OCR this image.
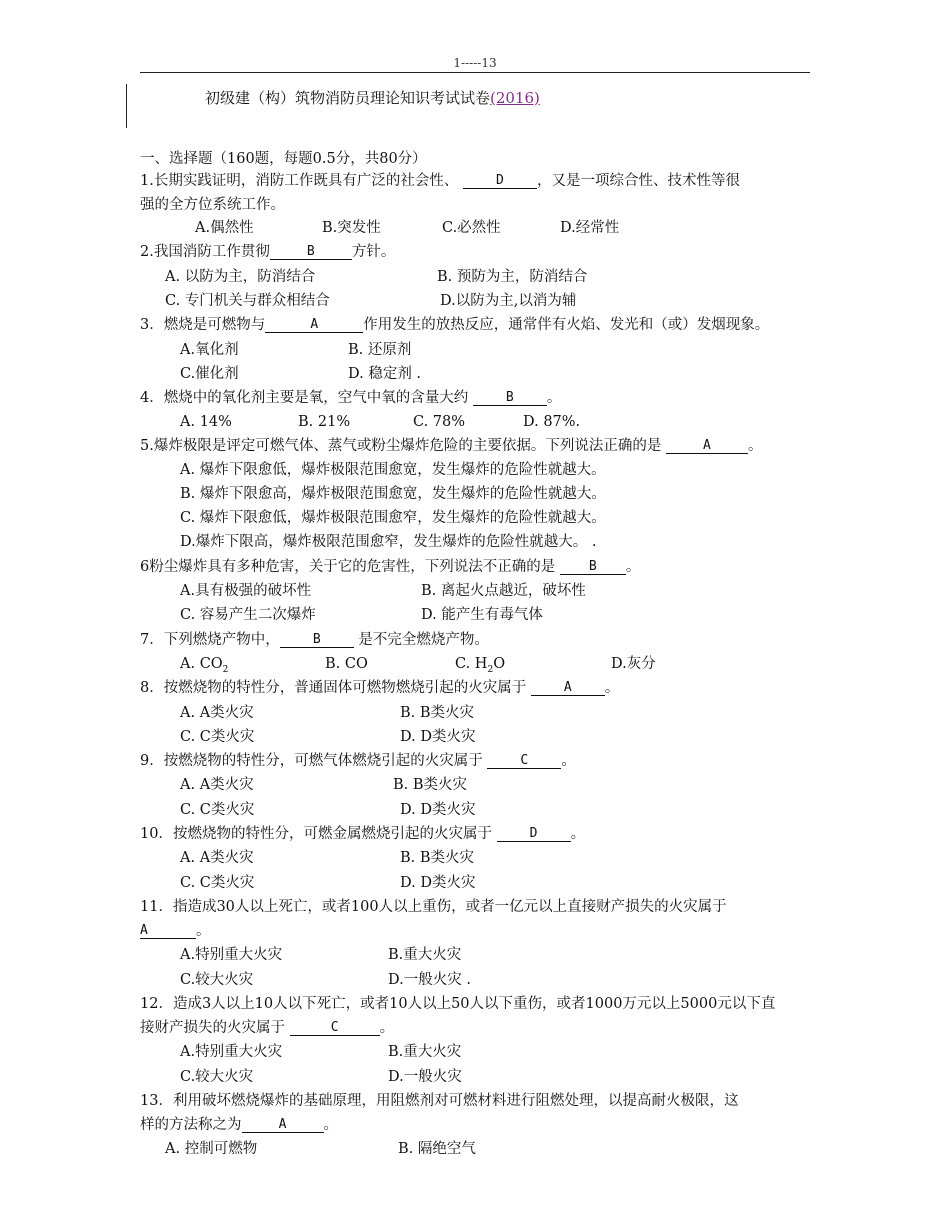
1-----13
初级建（构）筑物消防员理论知识考试试卷(2016)
一、选择题（160题，每题0.5分，共80分）
1.长期实践证明，消防工作既具有广泛的社会性、	D ，又是一项综合性、技术性等很
强的全方位系统工作。
A.偶然性	B.突发性	C.必然性	D.经常性
2.我国消防工作贯彻	B	方针。
A. 以防为主，防消结合	B. 预防为主，防消结合
C. 专门机关与群众相结合	D.以防为主,以消为辅
3．燃烧是可燃物与	A	作用发生的放热反应，通常伴有火焰、发光和（或）发烟现象。
A.氧化剂	B. 还原剂
C.催化剂	D. 稳定剂 .
4．燃烧中的氧化剂主要是氧，空气中氧的含量大约	B 。
A. 14%	B. 21%	C. 78%	D. 87%.
5.爆炸极限是评定可燃气体、蒸气或粉尘爆炸危险的主要依据。下列说法正确的是	A	。
A. 爆炸下限愈低，爆炸极限范围愈宽，发生爆炸的危险性就越大。
B. 爆炸下限愈高，爆炸极限范围愈宽，发生爆炸的危险性就越大。
C. 爆炸下限愈低，爆炸极限范围愈窄，发生爆炸的危险性就越大。
D.爆炸下限高，爆炸极限范围愈窄，发生爆炸的危险性就越大。 .
6粉尘爆炸具有多种危害，关于它的危害性，下列说法不正确的是	B 。
A.具有极强的破坏性	B. 离起火点越近，破坏性
C. 容易产生二次爆炸	D. 能产生有毒气体
7．下列燃烧产物中，	B	是不完全燃烧产物。
A. $CO_2$	B. CO	C. $H_2O$	D.灰分
8．按燃烧物的特性分，普通固体可燃物燃烧引起的火灾属于	A 。
A. A类火灾	B. B类火灾
C. C类火灾	D. D类火灾
9．按燃烧物的特性分，可燃气体燃烧引起的火灾属于	C 。
A. A类火灾	B. B类火灾
C. C类火灾	D. D类火灾
10．按燃烧物的特性分，可燃金属燃烧引起的火灾属于	D 。
A. A类火灾	B. B类火灾
C. C类火灾	D. D类火灾
11．指造成30人以上死亡，或者100人以上重伤，或者一亿元以上直接财产损失的火灾属于
A	。
A.特别重大火灾	B.重大火灾
C.较大火灾	D.一般火灾 .
12．造成3人以上10人以下死亡，或者10人以上50人以下重伤，或者1000万元以上5000元以下直
接财产损失的火灾属于	C	。
A.特别重大火灾	B.重大火灾
C.较大火灾	D.一般火灾
13．利用破坏燃烧爆炸的基础原理，用阻燃剂对可燃材料进行阻燃处理，以提高耐火极限，这
样的方法称之为	A	。
A. 控制可燃物	B. 隔绝空气
